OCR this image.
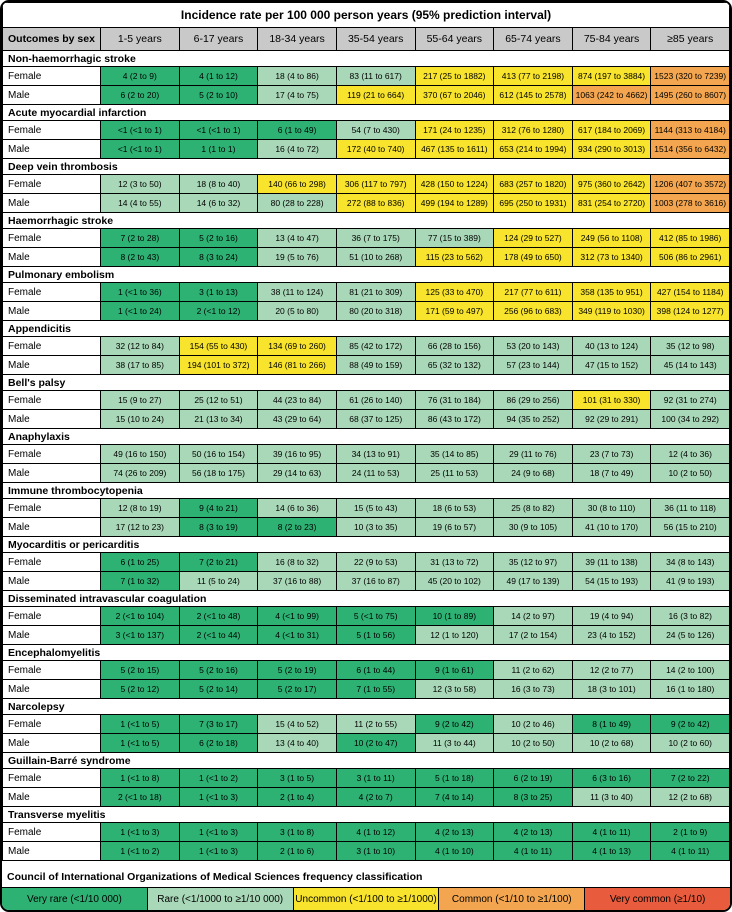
Incidence rate per 100 000 person years (95% prediction interval)								
Outcomes by sex	1-5 years	6-17 years	18-34 years	35-54 years	55-64 years	65-74 years	75-84 years	≥85 years
Non-haemorrhagic stroke								
Female	4 (2 to 9)	4 (1 to 12)	18 (4 to 86)	83 (11 to 617)	217 (25 to 1882)	413 (77 to 2198)	874 (197 to 3884)	1523 (320 to 7239)
Male	6 (2 to 20)	5 (2 to 10)	17 (4 to 75)	119 (21 to 664)	370 (67 to 2046)	612 (145 to 2578)	1063 (242 to 4662)	1495 (260 to 8607)
Acute myocardial infarction								
Female	<1 (<1 to 1)	<1 (<1 to 1)	6 (1 to 49)	54 (7 to 430)	171 (24 to 1235)	312 (76 to 1280)	617 (184 to 2069)	1144 (313 to 4184)
Male	<1 (<1 to 1)	1 (1 to 1)	16 (4 to 72)	172 (40 to 740)	467 (135 to 1611)	653 (214 to 1994)	934 (290 to 3013)	1514 (356 to 6432)
Deep vein thrombosis								
Female	12 (3 to 50)	18 (8 to 40)	140 (66 to 298)	306 (117 to 797)	428 (150 to 1224)	683 (257 to 1820)	975 (360 to 2642)	1206 (407 to 3572)
Male	14 (4 to 55)	14 (6 to 32)	80 (28 to 228)	272 (88 to 836)	499 (194 to 1289)	695 (250 to 1931)	831 (254 to 2720)	1003 (278 to 3616)
Haemorrhagic stroke								
Female	7 (2 to 28)	5 (2 to 16)	13 (4 to 47)	36 (7 to 175)	77 (15 to 389)	124 (29 to 527)	249 (56 to 1108)	412 (85 to 1986)
Male	8 (2 to 43)	8 (3 to 24)	19 (5 to 76)	51 (10 to 268)	115 (23 to 562)	178 (49 to 650)	312 (73 to 1340)	506 (86 to 2961)
Pulmonary embolism								
Female	1 (<1 to 36)	3 (1 to 13)	38 (11 to 124)	81 (21 to 309)	125 (33 to 470)	217 (77 to 611)	358 (135 to 951)	427 (154 to 1184)
Male	1 (<1 to 24)	2 (<1 to 12)	20 (5 to 80)	80 (20 to 318)	171 (59 to 497)	256 (96 to 683)	349 (119 to 1030)	398 (124 to 1277)
Appendicitis								
Female	32 (12 to 84)	154 (55 to 430)	134 (69 to 260)	85 (42 to 172)	66 (28 to 156)	53 (20 to 143)	40 (13 to 124)	35 (12 to 98)
Male	38 (17 to 85)	194 (101 to 372)	146 (81 to 266)	88 (49 to 159)	65 (32 to 132)	57 (23 to 144)	47 (15 to 152)	45 (14 to 143)
Bell's palsy								
Female	15 (9 to 27)	25 (12 to 51)	44 (23 to 84)	61 (26 to 140)	76 (31 to 184)	86 (29 to 256)	101 (31 to 330)	92 (31 to 274)
Male	15 (10 to 24)	21 (13 to 34)	43 (29 to 64)	68 (37 to 125)	86 (43 to 172)	94 (35 to 252)	92 (29 to 291)	100 (34 to 292)
Anaphylaxis								
Female	49 (16 to 150)	50 (16 to 154)	39 (16 to 95)	34 (13 to 91)	35 (14 to 85)	29 (11 to 76)	23 (7 to 73)	12 (4 to 36)
Male	74 (26 to 209)	56 (18 to 175)	29 (14 to 63)	24 (11 to 53)	25 (11 to 53)	24 (9 to 68)	18 (7 to 49)	10 (2 to 50)
Immune thrombocytopenia								
Female	12 (8 to 19)	9 (4 to 21)	14 (6 to 36)	15 (5 to 43)	18 (6 to 53)	25 (8 to 82)	30 (8 to 110)	36 (11 to 118)
Male	17 (12 to 23)	8 (3 to 19)	8 (2 to 23)	10 (3 to 35)	19 (6 to 57)	30 (9 to 105)	41 (10 to 170)	56 (15 to 210)
Myocarditis or pericarditis								
Female	6 (1 to 25)	7 (2 to 21)	16 (8 to 32)	22 (9 to 53)	31 (13 to 72)	35 (12 to 97)	39 (11 to 138)	34 (8 to 143)
Male	7 (1 to 32)	11 (5 to 24)	37 (16 to 88)	37 (16 to 87)	45 (20 to 102)	49 (17 to 139)	54 (15 to 193)	41 (9 to 193)
Disseminated intravascular coagulation								
Female	2 (<1 to 104)	2 (<1 to 48)	4 (<1 to 99)	5 (<1 to 75)	10 (1 to 89)	14 (2 to 97)	19 (4 to 94)	16 (3 to 82)
Male	3 (<1 to 137)	2 (<1 to 44)	4 (<1 to 31)	5 (1 to 56)	12 (1 to 120)	17 (2 to 154)	23 (4 to 152)	24 (5 to 126)
Encephalomyelitis								
Female	5 (2 to 15)	5 (2 to 16)	5 (2 to 19)	6 (1 to 44)	9 (1 to 61)	11 (2 to 62)	12 (2 to 77)	14 (2 to 100)
Male	5 (2 to 12)	5 (2 to 14)	5 (2 to 17)	7 (1 to 55)	12 (3 to 58)	16 (3 to 73)	18 (3 to 101)	16 (1 to 180)
Narcolepsy								
Female	1 (<1 to 5)	7 (3 to 17)	15 (4 to 52)	11 (2 to 55)	9 (2 to 42)	10 (2 to 46)	8 (1 to 49)	9 (2 to 42)
Male	1 (<1 to 5)	6 (2 to 18)	13 (4 to 40)	10 (2 to 47)	11 (3 to 44)	10 (2 to 50)	10 (2 to 68)	10 (2 to 60)
Guillain-Barré syndrome								
Female	1 (<1 to 8)	1 (<1 to 2)	3 (1 to 5)	3 (1 to 11)	5 (1 to 18)	6 (2 to 19)	6 (3 to 16)	7 (2 to 22)
Male	2 (<1 to 18)	1 (<1 to 3)	2 (1 to 4)	4 (2 to 7)	7 (4 to 14)	8 (3 to 25)	11 (3 to 40)	12 (2 to 68)
Transverse myelitis								
Female	1 (<1 to 3)	1 (<1 to 3)	3 (1 to 8)	4 (1 to 12)	4 (2 to 13)	4 (2 to 13)	4 (1 to 11)	2 (1 to 9)
Male	1 (<1 to 2)	1 (<1 to 3)	2 (1 to 6)	3 (1 to 10)	4 (1 to 10)	4 (1 to 11)	4 (1 to 13)	4 (1 to 11)
Council of International Organizations of Medical Sciences frequency classification
Very rare (<1/10 000)	Rare (<1/1000 to ≥1/10 000)	Uncommon (<1/100 to ≥1/1000)	Common (<1/10 to ≥1/100)	Very common (≥1/10)
